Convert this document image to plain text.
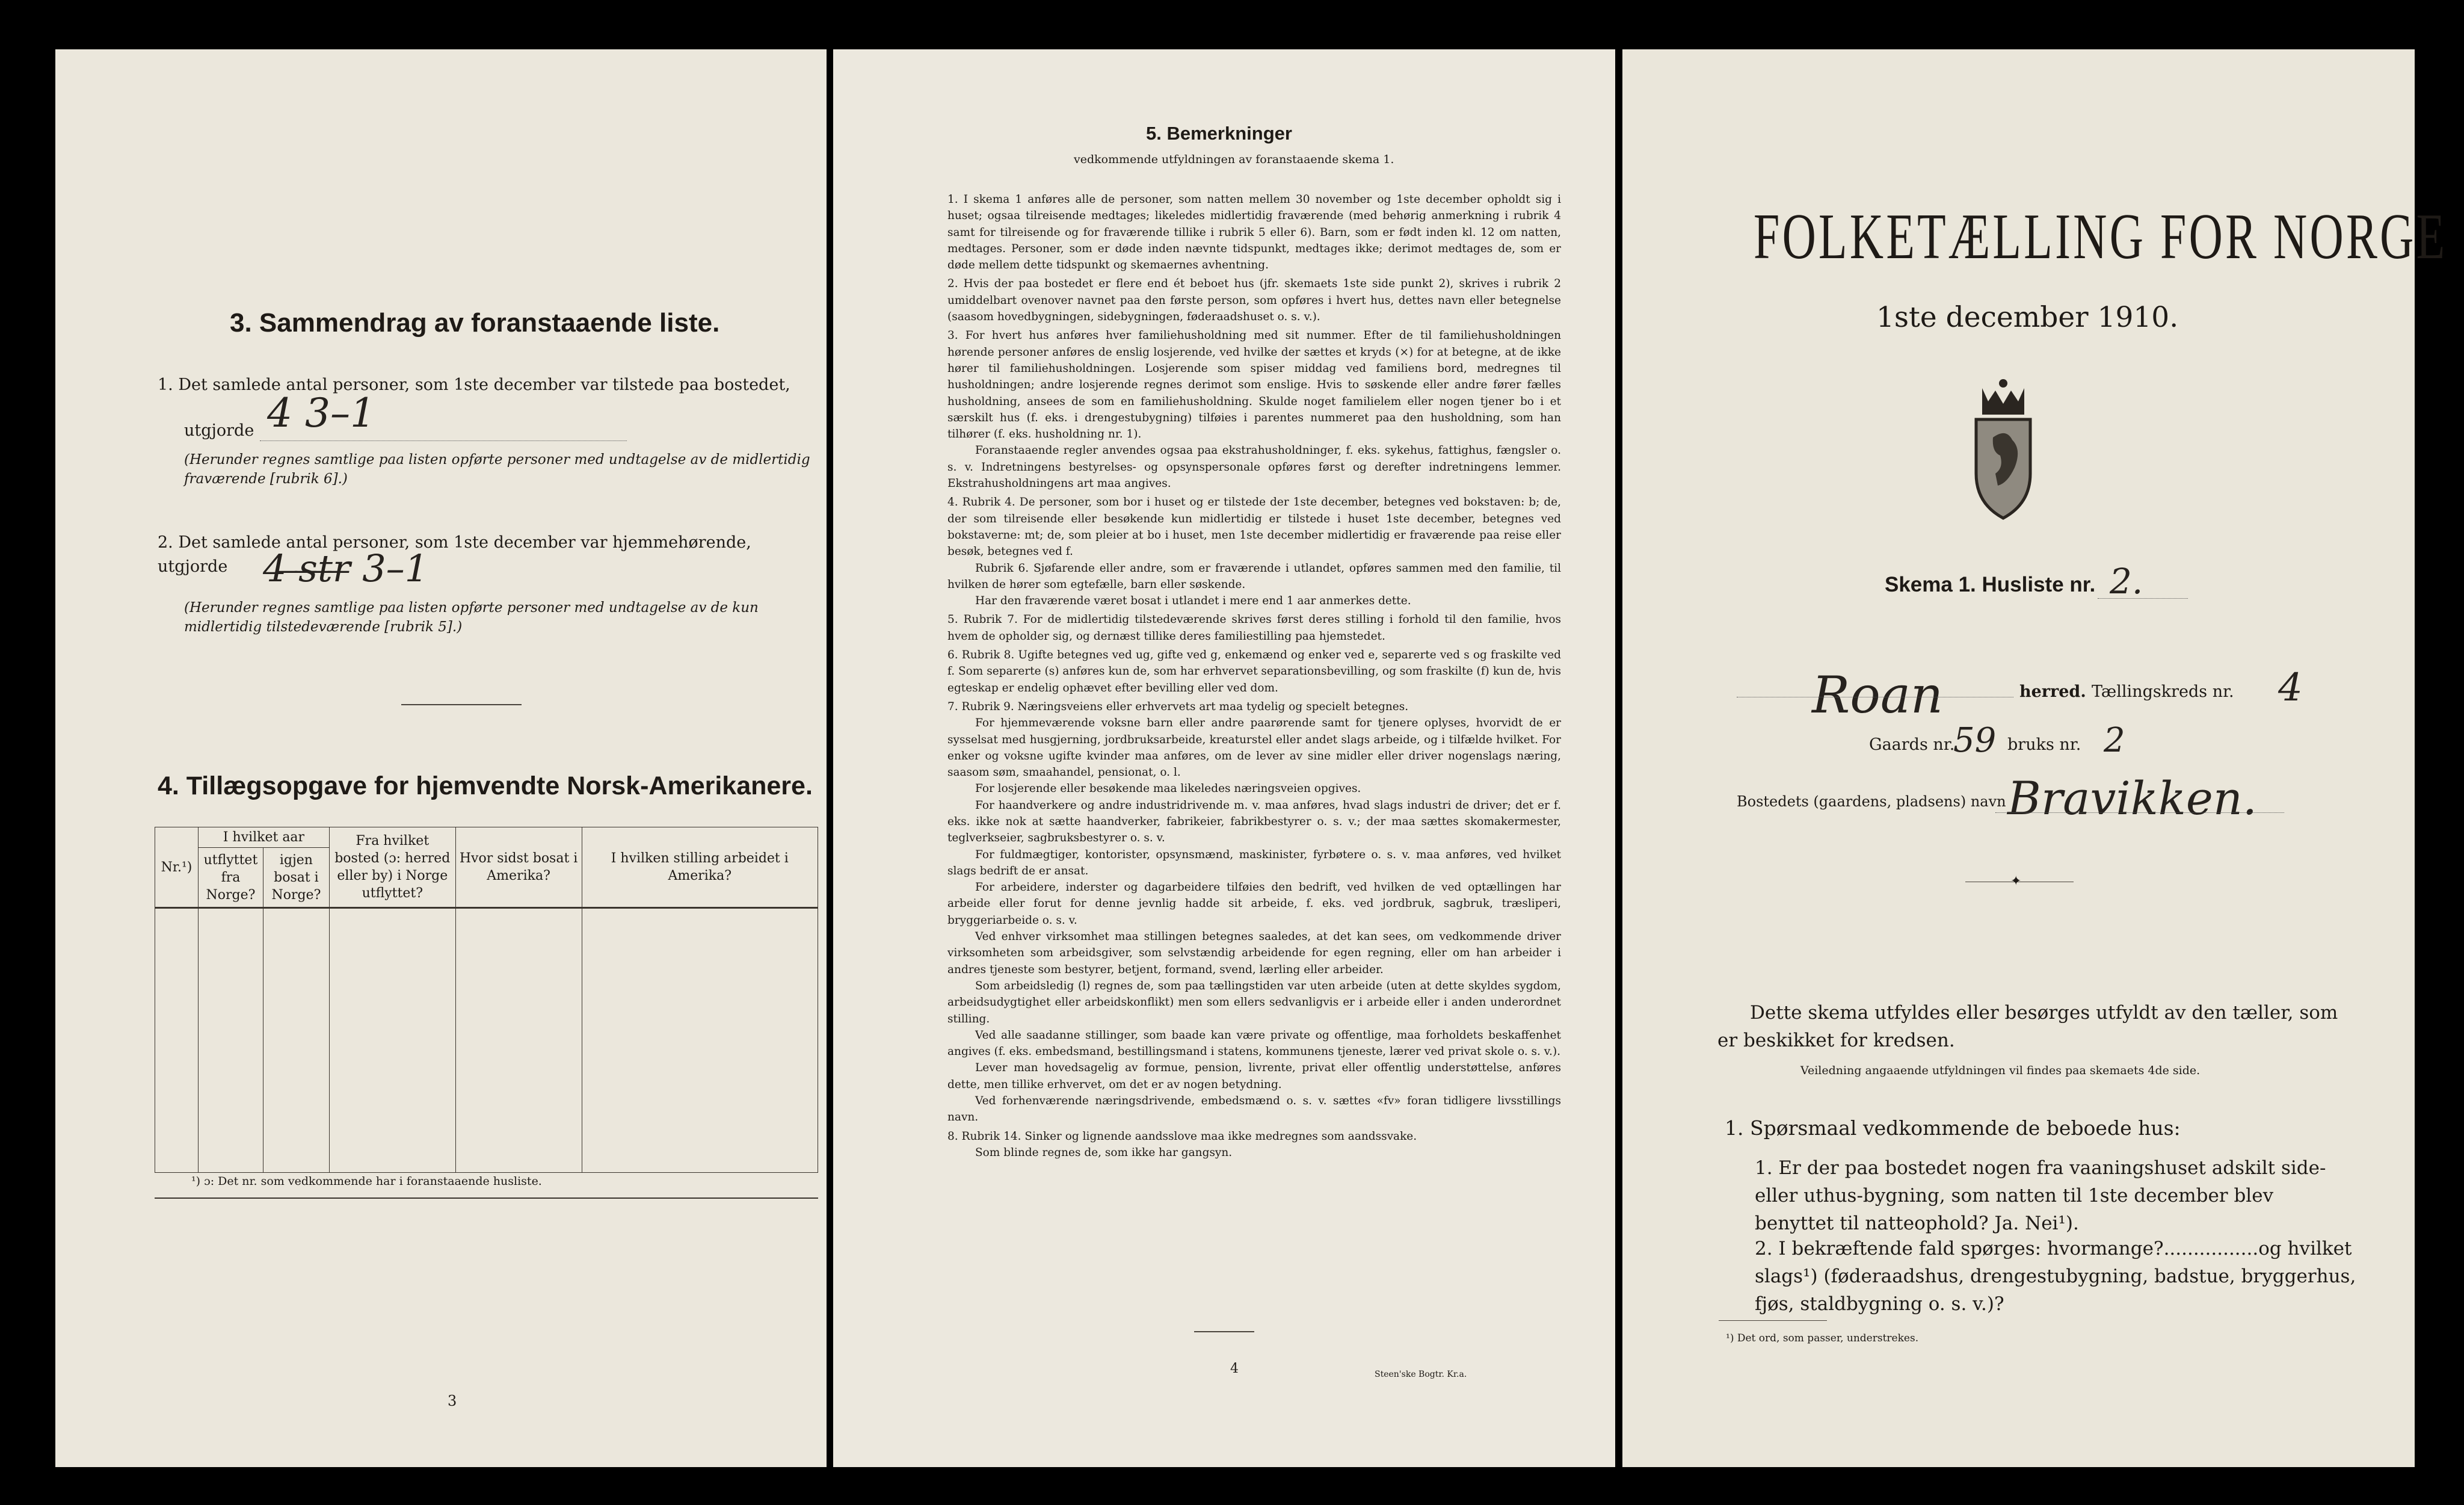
3. Sammendrag av foranstaaende liste.
1. Det samlede antal personer, som 1ste december var tilstede paa bostedet,
utgjorde 4 3–1
(Herunder regnes samtlige paa listen opførte personer med undtagelse av de midlertidig fraværende [rubrik 6].)
2. Det samlede antal personer, som 1ste december var hjemmehørende, utgjorde 4 ̶s̶t̶r̶ 3–1
(Herunder regnes samtlige paa listen opførte personer med undtagelse av de kun midlertidig tilstedeværende [rubrik 5].)
4. Tillægsopgave for hjemvendte Norsk-Amerikanere.
Nr.¹)	I hvilket aar		Fra hvilket bosted (ɔ: herred eller by) i Norge utflyttet?	Hvor sidst bosat i Amerika?	I hvilken stilling arbeidet i Amerika?
	utflyttet fra Norge?	igjen bosat i Norge?			

¹) ɔ: Det nr. som vedkommende har i foranstaaende husliste.
3
5. Bemerkninger
vedkommende utfyldningen av foranstaaende skema 1.

1. I skema 1 anføres alle de personer, som natten mellem 30 november og 1ste december opholdt sig i huset; ogsaa tilreisende medtages; likeledes midlertidig fraværende (med behørig anmerkning i rubrik 4 samt for tilreisende og for fraværende tillike i rubrik 5 eller 6). Barn, som er født inden kl. 12 om natten, medtages. Personer, som er døde inden nævnte tidspunkt, medtages ikke; derimot medtages de, som er døde mellem dette tidspunkt og skemaernes avhentning.

2. Hvis der paa bostedet er flere end ét beboet hus (jfr. skemaets 1ste side punkt 2), skrives i rubrik 2 umiddelbart ovenover navnet paa den første person, som opføres i hvert hus, dettes navn eller betegnelse (saasom hovedbygningen, sidebygningen, føderaadshuset o. s. v.).

3. For hvert hus anføres hver familiehusholdning med sit nummer. Efter de til familiehusholdningen hørende personer anføres de enslig losjerende, ved hvilke der sættes et kryds (×) for at betegne, at de ikke hører til familiehusholdningen. Losjerende som spiser middag ved familiens bord, medregnes til husholdningen; andre losjerende regnes derimot som enslige. Hvis to søskende eller andre fører fælles husholdning, ansees de som en familiehusholdning. Skulde noget familielem eller nogen tjener bo i et særskilt hus (f. eks. i drengestubygning) tilføies i parentes nummeret paa den husholdning, som han tilhører (f. eks. husholdning nr. 1).

Foranstaaende regler anvendes ogsaa paa ekstrahusholdninger, f. eks. sykehus, fattighus, fængsler o. s. v. Indretningens bestyrelses- og opsynspersonale opføres først og derefter indretningens lemmer. Ekstrahusholdningens art maa angives.

4. Rubrik 4. De personer, som bor i huset og er tilstede der 1ste december, betegnes ved bokstaven: b; de, der som tilreisende eller besøkende kun midlertidig er tilstede i huset 1ste december, betegnes ved bokstaverne: mt; de, som pleier at bo i huset, men 1ste december midlertidig er fraværende paa reise eller besøk, betegnes ved f.

Rubrik 6. Sjøfarende eller andre, som er fraværende i utlandet, opføres sammen med den familie, til hvilken de hører som egtefælle, barn eller søskende.

Har den fraværende været bosat i utlandet i mere end 1 aar anmerkes dette.

5. Rubrik 7. For de midlertidig tilstedeværende skrives først deres stilling i forhold til den familie, hvos hvem de opholder sig, og dernæst tillike deres familiestilling paa hjemstedet.

6. Rubrik 8. Ugifte betegnes ved ug, gifte ved g, enkemænd og enker ved e, separerte ved s og fraskilte ved f. Som separerte (s) anføres kun de, som har erhvervet separationsbevilling, og som fraskilte (f) kun de, hvis egteskap er endelig ophævet efter bevilling eller ved dom.

7. Rubrik 9. Næringsveiens eller erhvervets art maa tydelig og specielt betegnes.

For hjemmeværende voksne barn eller andre paarørende samt for tjenere oplyses, hvorvidt de er sysselsat med husgjerning, jordbruksarbeide, kreaturstel eller andet slags arbeide, og i tilfælde hvilket. For enker og voksne ugifte kvinder maa anføres, om de lever av sine midler eller driver nogenslags næring, saasom søm, smaahandel, pensionat, o. l.

For losjerende eller besøkende maa likeledes næringsveien opgives.

For haandverkere og andre industridrivende m. v. maa anføres, hvad slags industri de driver; det er f. eks. ikke nok at sætte haandverker, fabrikeier, fabrikbestyrer o. s. v.; der maa sættes skomakermester, teglverkseier, sagbruksbestyrer o. s. v.

For fuldmægtiger, kontorister, opsynsmænd, maskinister, fyrbøtere o. s. v. maa anføres, ved hvilket slags bedrift de er ansat.

For arbeidere, inderster og dagarbeidere tilføies den bedrift, ved hvilken de ved optællingen har arbeide eller forut for denne jevnlig hadde sit arbeide, f. eks. ved jordbruk, sagbruk, træsliperi, bryggeriarbeide o. s. v.

Ved enhver virksomhet maa stillingen betegnes saaledes, at det kan sees, om vedkommende driver virksomheten som arbeidsgiver, som selvstændig arbeidende for egen regning, eller om han arbeider i andres tjeneste som bestyrer, betjent, formand, svend, lærling eller arbeider.

Som arbeidsledig (l) regnes de, som paa tællingstiden var uten arbeide (uten at dette skyldes sygdom, arbeidsudygtighet eller arbeidskonflikt) men som ellers sedvanligvis er i arbeide eller i anden underordnet stilling.

Ved alle saadanne stillinger, som baade kan være private og offentlige, maa forholdets beskaffenhet angives (f. eks. embedsmand, bestillingsmand i statens, kommunens tjeneste, lærer ved privat skole o. s. v.).

Lever man hovedsagelig av formue, pension, livrente, privat eller offentlig understøttelse, anføres dette, men tillike erhvervet, om det er av nogen betydning.

Ved forhenværende næringsdrivende, embedsmænd o. s. v. sættes «fv» foran tidligere livsstillings navn.

8. Rubrik 14. Sinker og lignende aandsslove maa ikke medregnes som aandssvake.

Som blinde regnes de, som ikke har gangsyn.

4	Steen'ske Bogtr. Kr.a.
FOLKETÆLLING FOR NORGE
1ste december 1910.
Skema 1. Husliste nr. 2.
Roan	herred. Tællingskreds nr. 4
Gaards nr.
59 bruks nr. 2
Bostedets (gaardens, pladsens) navn Bravikken.
✦
Dette skema utfyldes eller besørges utfyldt av den tæller, som er beskikket for kredsen.
Veiledning angaaende utfyldningen vil findes paa skemaets 4de side.
1. Spørsmaal vedkommende de beboede hus:
1. Er der paa bostedet nogen fra vaaningshuset adskilt side- eller uthus-bygning, som natten til 1ste december blev benyttet til natteophold? Ja. Nei¹).
2. I bekræftende fald spørges: hvormange?................og hvilket slags¹) (føderaadshus, drengestubygning, badstue, bryggerhus, fjøs, staldbygning o. s. v.)?
¹) Det ord, som passer, understrekes.
